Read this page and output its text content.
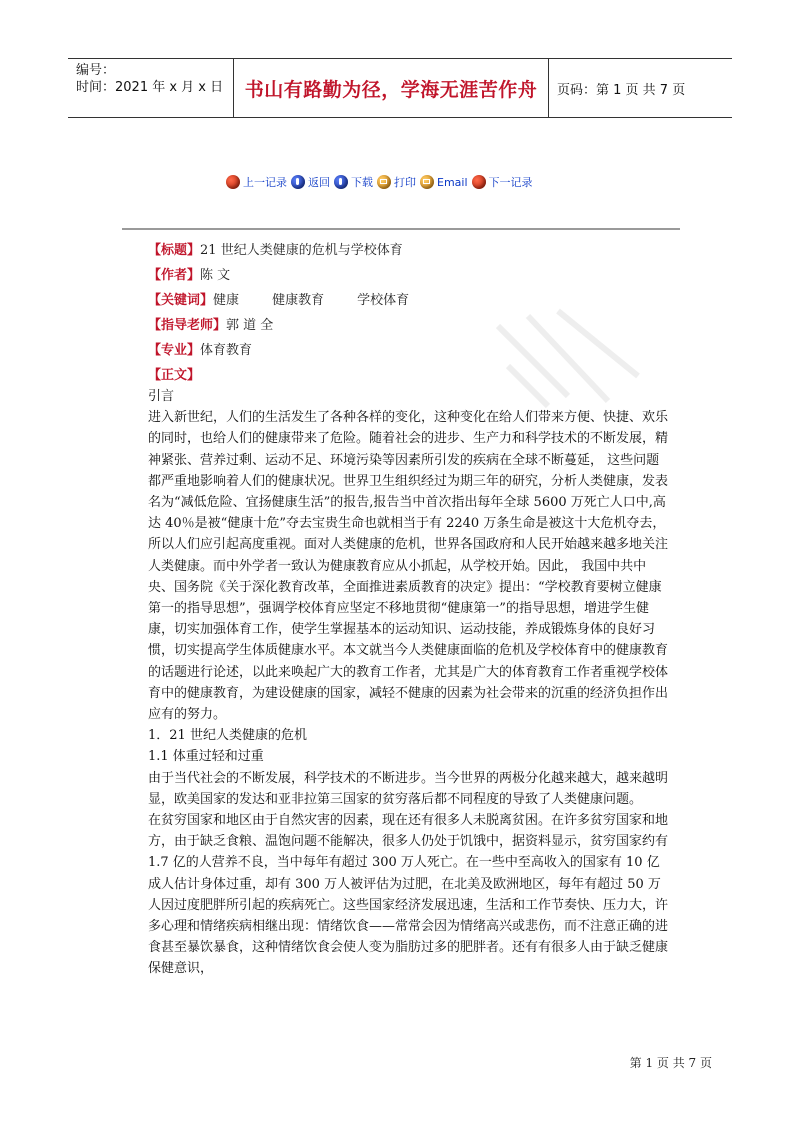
编号：
时间：2021 年 x 月 x 日	书山有路勤为径，学海无涯苦作舟	页码：第 1 页 共 7 页
上一记录 返回 下载 打印 Email 下一记录
【标题】21 世纪人类健康的危机与学校体育
【作者】陈 文
【关键词】健康        健康教育        学校体育
【指导老师】郭 道 全
【专业】体育教育
【正文】

引言

进入新世纪，人们的生活发生了各种各样的变化，这种变化在给人们带来方便、快捷、欢乐的同时，也给人们的健康带来了危险。随着社会的进步、生产力和科学技术的不断发展，精神紧张、营养过剩、运动不足、环境污染等因素所引发的疾病在全球不断蔓延， 这些问题都严重地影响着人们的健康状况。世界卫生组织经过为期三年的研究，分析人类健康，发表名为“减低危险、宜扬健康生活”的报告,报告当中首次指出每年全球 5600 万死亡人口中,高达 40％是被“健康十危”夺去宝贵生命也就相当于有 2240 万条生命是被这十大危机夺去，所以人们应引起高度重视。面对人类健康的危机，世界各国政府和人民开始越来越多地关注人类健康。而中外学者一致认为健康教育应从小抓起，从学校开始。因此， 我国中共中央、国务院《关于深化教育改革，全面推进素质教育的决定》提出：“学校教育要树立健康第一的指导思想”，强调学校体育应坚定不移地贯彻“健康第一”的指导思想，增进学生健康，切实加强体育工作，使学生掌握基本的运动知识、运动技能，养成锻炼身体的良好习惯，切实提高学生体质健康水平。本文就当今人类健康面临的危机及学校体育中的健康教育的话题进行论述，以此来唤起广大的教育工作者，尤其是广大的体育教育工作者重视学校体育中的健康教育，为建设健康的国家，减轻不健康的因素为社会带来的沉重的经济负担作出应有的努力。

1．21 世纪人类健康的危机

1.1 体重过轻和过重

由于当代社会的不断发展，科学技术的不断进步。当今世界的两极分化越来越大，越来越明显，欧美国家的发达和亚非拉第三国家的贫穷落后都不同程度的导致了人类健康问题。

在贫穷国家和地区由于自然灾害的因素，现在还有很多人未脱离贫困。在许多贫穷国家和地方，由于缺乏食粮、温饱问题不能解决，很多人仍处于饥饿中，据资料显示，贫穷国家约有 1.7 亿的人营养不良，当中每年有超过 300 万人死亡。在一些中至高收入的国家有 10 亿成人估计身体过重，却有 300 万人被评估为过肥，在北美及欧洲地区，每年有超过 50 万人因过度肥胖所引起的疾病死亡。这些国家经济发展迅速，生活和工作节奏快、压力大，许多心理和情绪疾病相继出现：情绪饮食——常常会因为情绪高兴或悲伤，而不注意正确的进食甚至暴饮暴食，这种情绪饮食会使人变为脂肪过多的肥胖者。还有有很多人由于缺乏健康保健意识，

第 1 页 共 7 页
